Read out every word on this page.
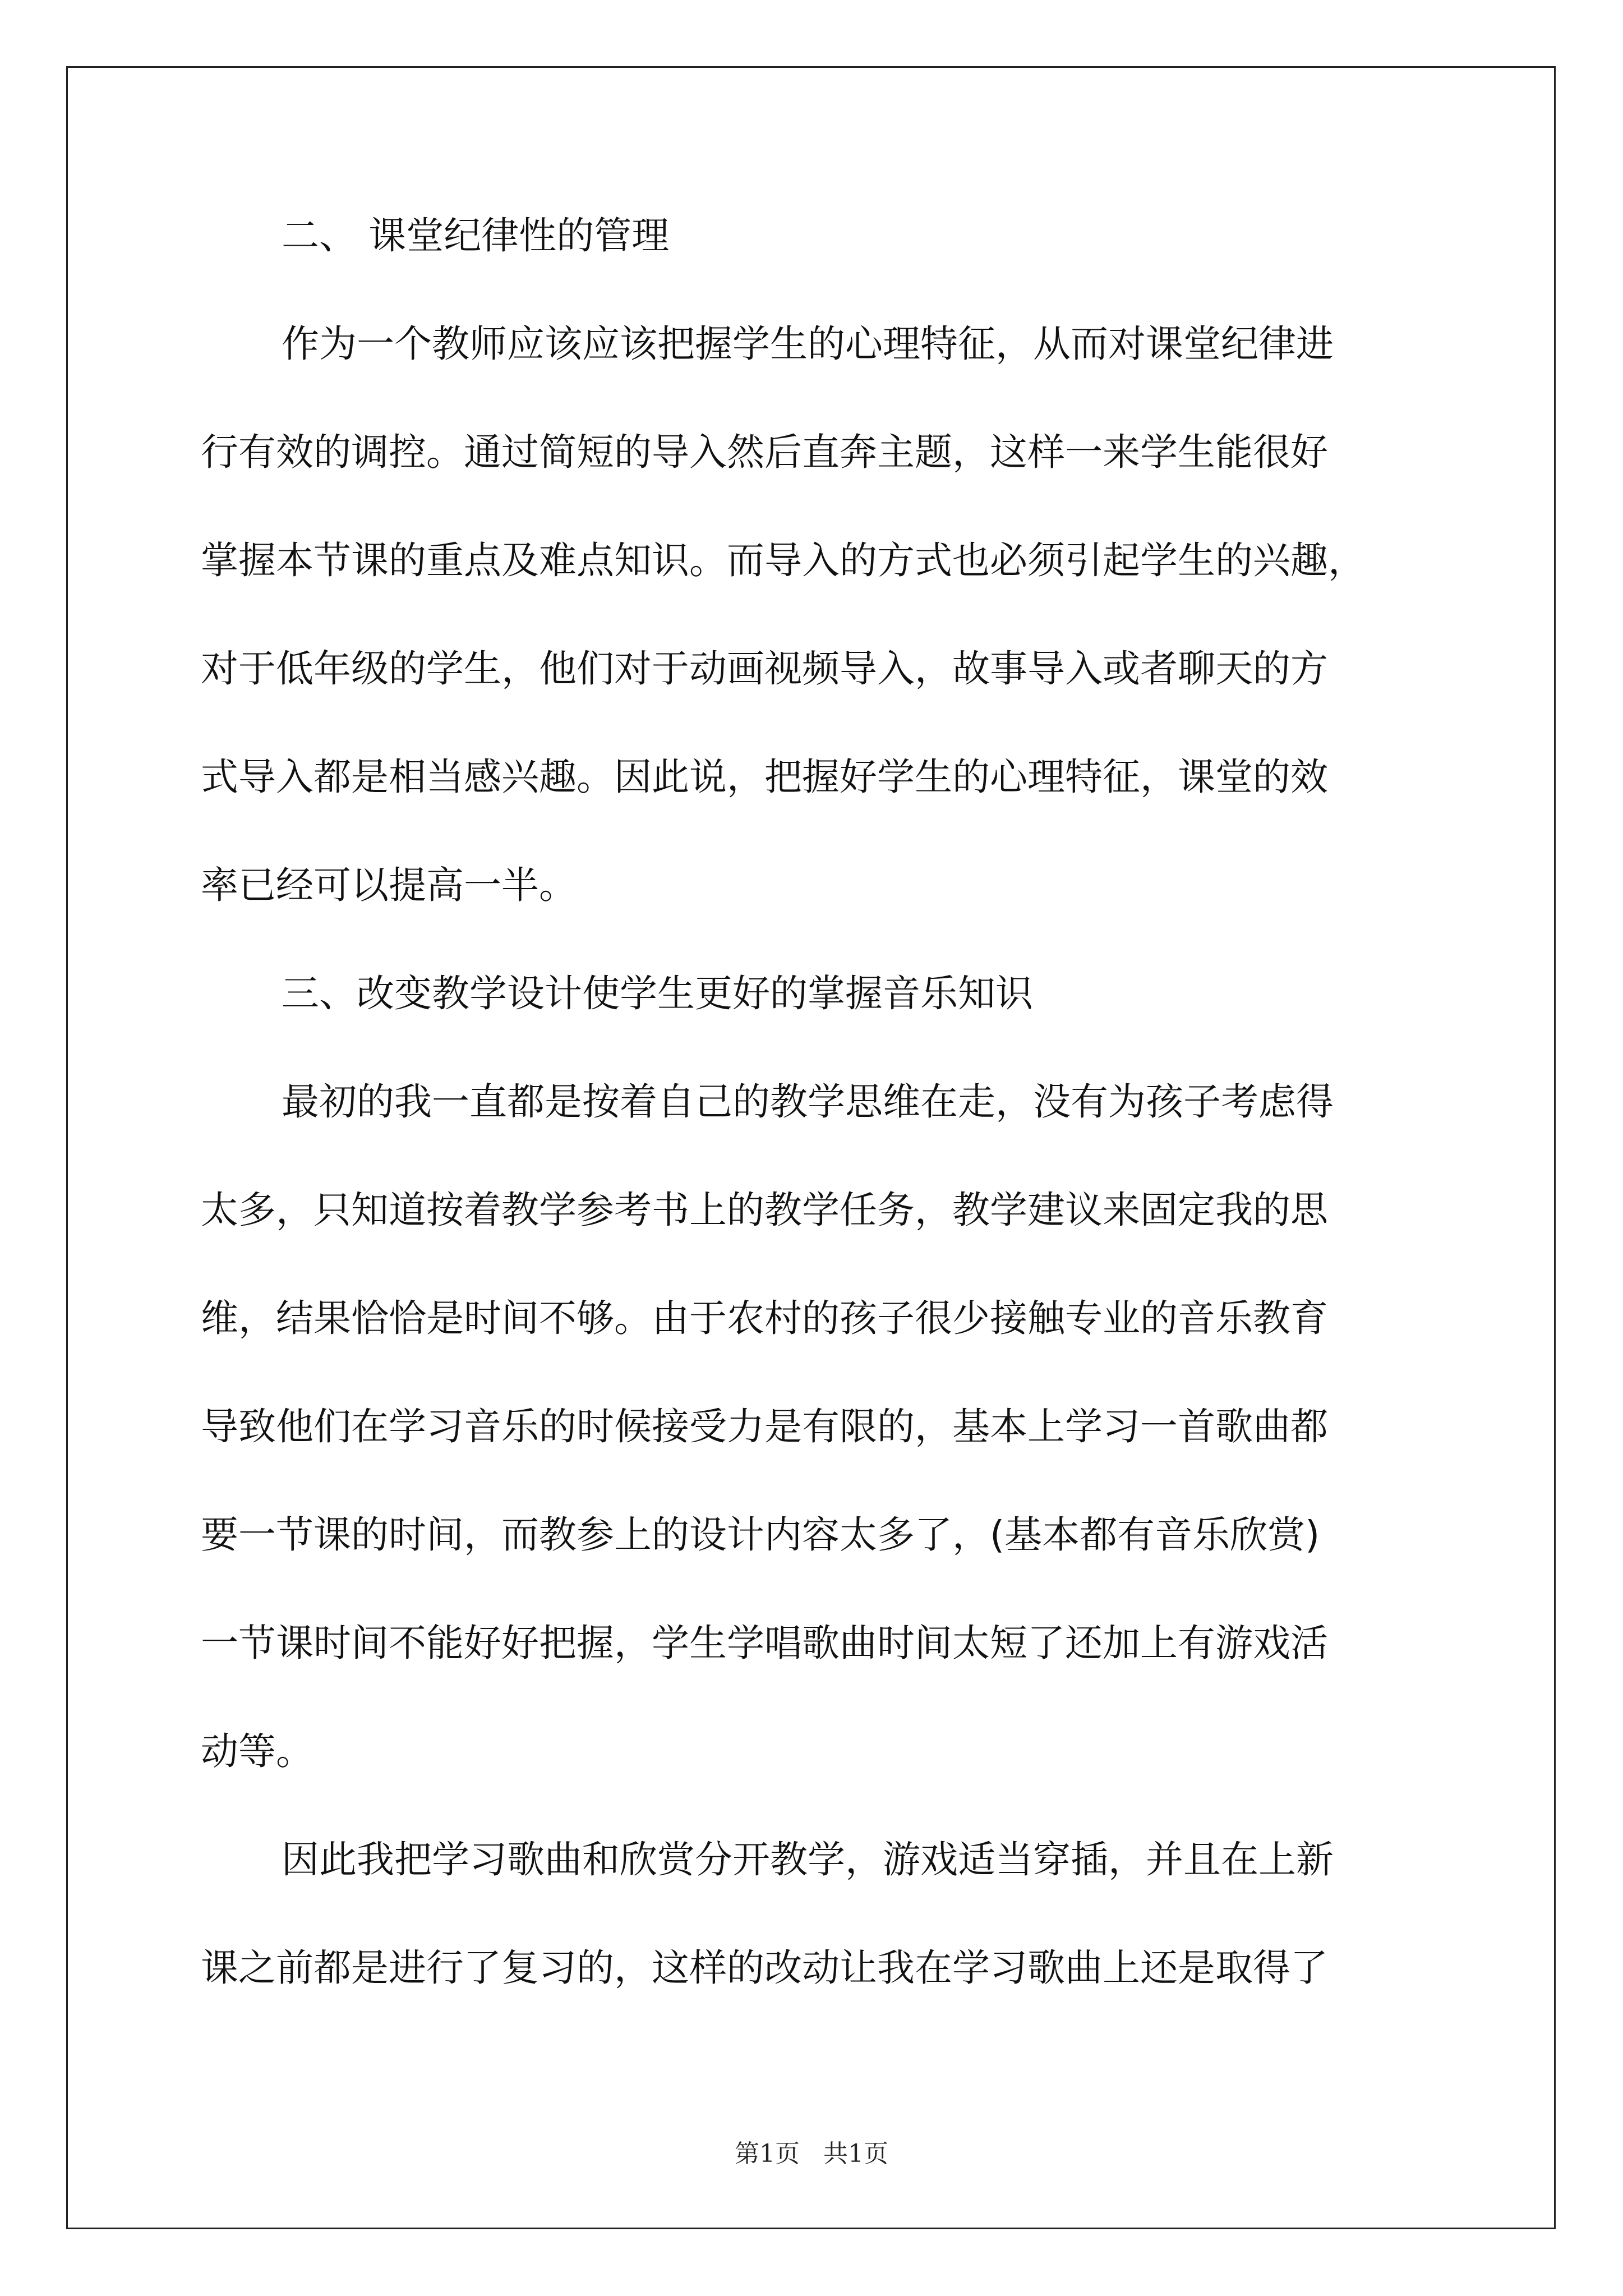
二、 课堂纪律性的管理
作为一个教师应该应该把握学生的心理特征，从而对课堂纪律进
行有效的调控。通过简短的导入然后直奔主题，这样一来学生能很好
掌握本节课的重点及难点知识。而导入的方式也必须引起学生的兴趣，
对于低年级的学生，他们对于动画视频导入，故事导入或者聊天的方
式导入都是相当感兴趣。因此说，把握好学生的心理特征，课堂的效
率已经可以提高一半。
三、改变教学设计使学生更好的掌握音乐知识
最初的我一直都是按着自己的教学思维在走，没有为孩子考虑得
太多，只知道按着教学参考书上的教学任务，教学建议来固定我的思
维，结果恰恰是时间不够。由于农村的孩子很少接触专业的音乐教育
导致他们在学习音乐的时候接受力是有限的，基本上学习一首歌曲都
要一节课的时间，而教参上的设计内容太多了，(基本都有音乐欣赏)
一节课时间不能好好把握，学生学唱歌曲时间太短了还加上有游戏活
动等。
因此我把学习歌曲和欣赏分开教学，游戏适当穿插，并且在上新
课之前都是进行了复习的，这样的改动让我在学习歌曲上还是取得了
第1页   共1页
